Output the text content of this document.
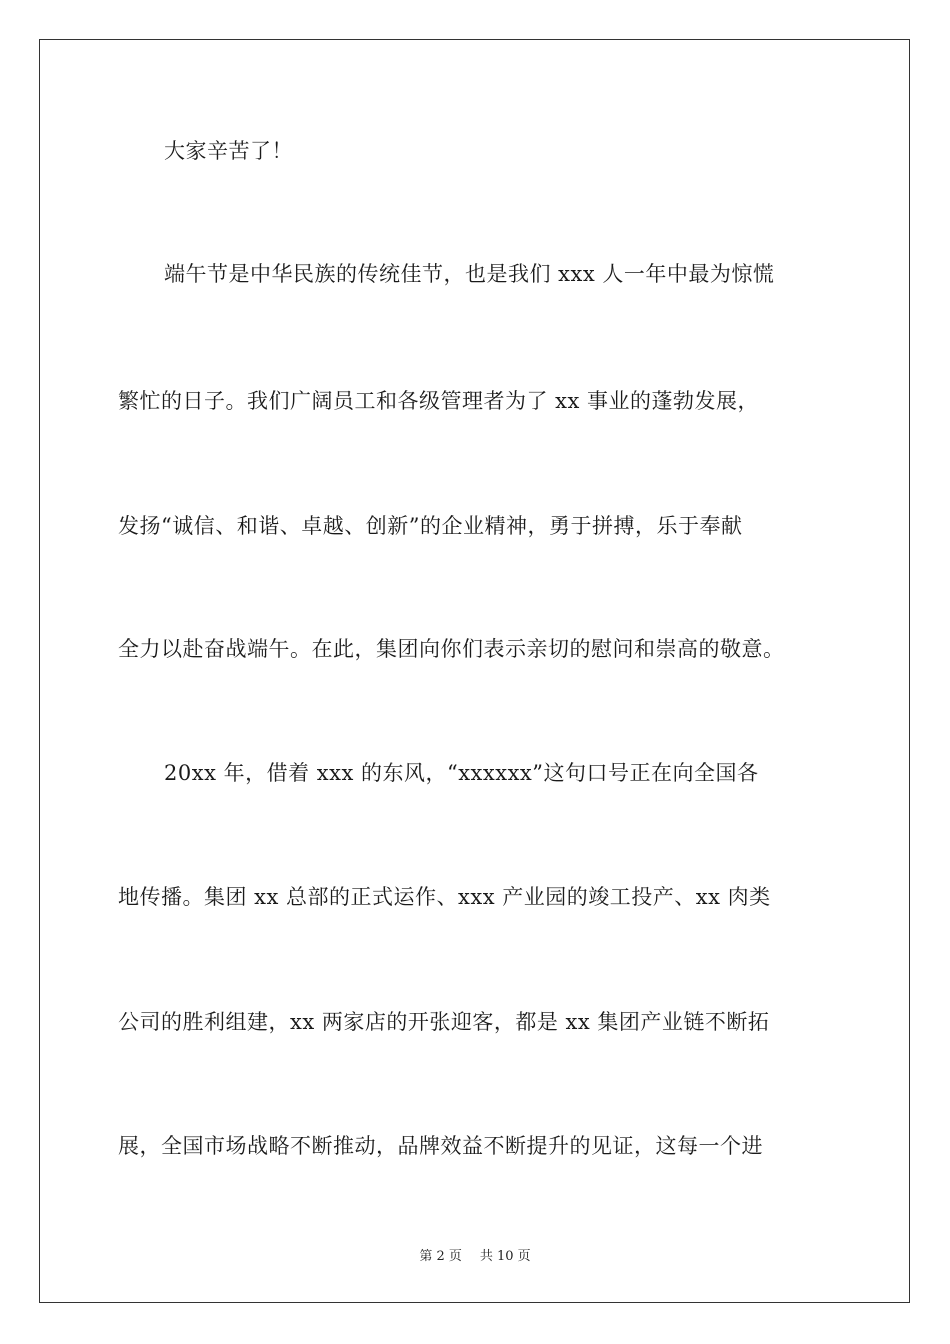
大家辛苦了！
端午节是中华民族的传统佳节，也是我们 xxx 人一年中最为惊慌
繁忙的日子。我们广阔员工和各级管理者为了 xx 事业的蓬勃发展，
发扬“诚信、和谐、卓越、创新”的企业精神，勇于拼搏，乐于奉献
全力以赴奋战端午。在此，集团向你们表示亲切的慰问和崇高的敬意。
20xx 年，借着 xxx 的东风，“xxxxxx”这句口号正在向全国各
地传播。集团 xx 总部的正式运作、xxx 产业园的竣工投产、xx 肉类
公司的胜利组建，xx 两家店的开张迎客，都是 xx 集团产业链不断拓
展，全国市场战略不断推动，品牌效益不断提升的见证，这每一个进
第 2 页 共 10 页
